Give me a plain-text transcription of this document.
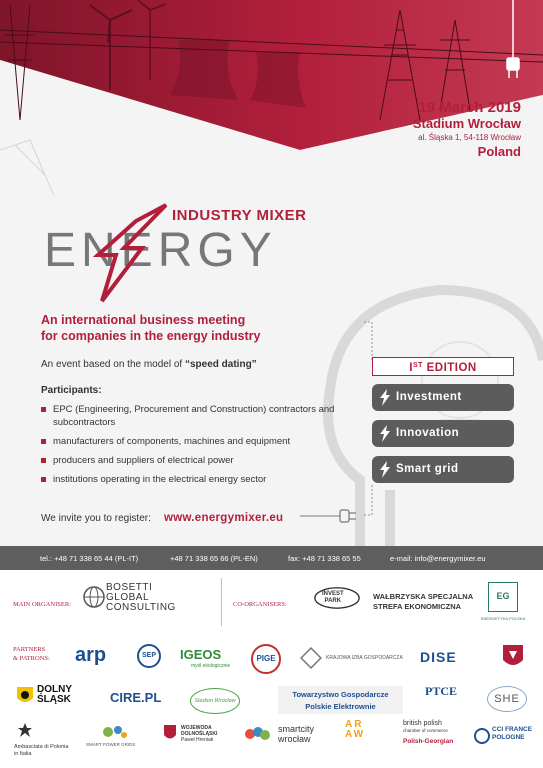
19 March 2019
Stadium Wrocław
al. Śląska 1, 54-118 Wrocław
Poland
INDUSTRY MIXER
ENERGY
An international business meeting
for companies in the energy industry
An event based on the model of “speed dating”
Participants:
EPC (Engineering, Procurement and Construction) contractors and subcontractors
manufacturers of components, machines and equipment
producers and suppliers of electrical power
institutions operating in the electrical energy sector
We invite you to register: www.energymixer.eu
IST EDITION
Investment
Innovation
Smart grid
tel.: +48 71 338 65 44 (PL-IT)	+48 71 338 65 66 (PL-EN)	fax: +48 71 338 65 55	e-mail: info@energymixer.eu
MAIN ORGANISER:
BOSETTI
GLOBAL
CONSULTING	CO-ORGANISERS:
INVEST
PARK	WAŁBRZYSKA SPECJALNA
STREFA EKONOMICZNA
EG
ENERGETYKA POLSKA
PARTNERS
& PATRONS: arp	SEP	IGEOS
myśl ekologicznie
PIGE	KRAJOWA IZBA GOSPODARCZA DISE
DOLNY
ŚLĄSK	CIRE.PL	Stadion Wrocław
Towarzystwo Gospodarcze
Polskie Elektrownie
PTCE
SHE
Ambasciata di Polonia
in Italia
SMART POWER GRIDS
WOJEWODA
DOLNOŚLĄSKI
Paweł Hreniak
smartcity
wrocław
ARAW
british polish
chamber of commerce
Polish-Georgian
CCI FRANCE
POLOGNE
